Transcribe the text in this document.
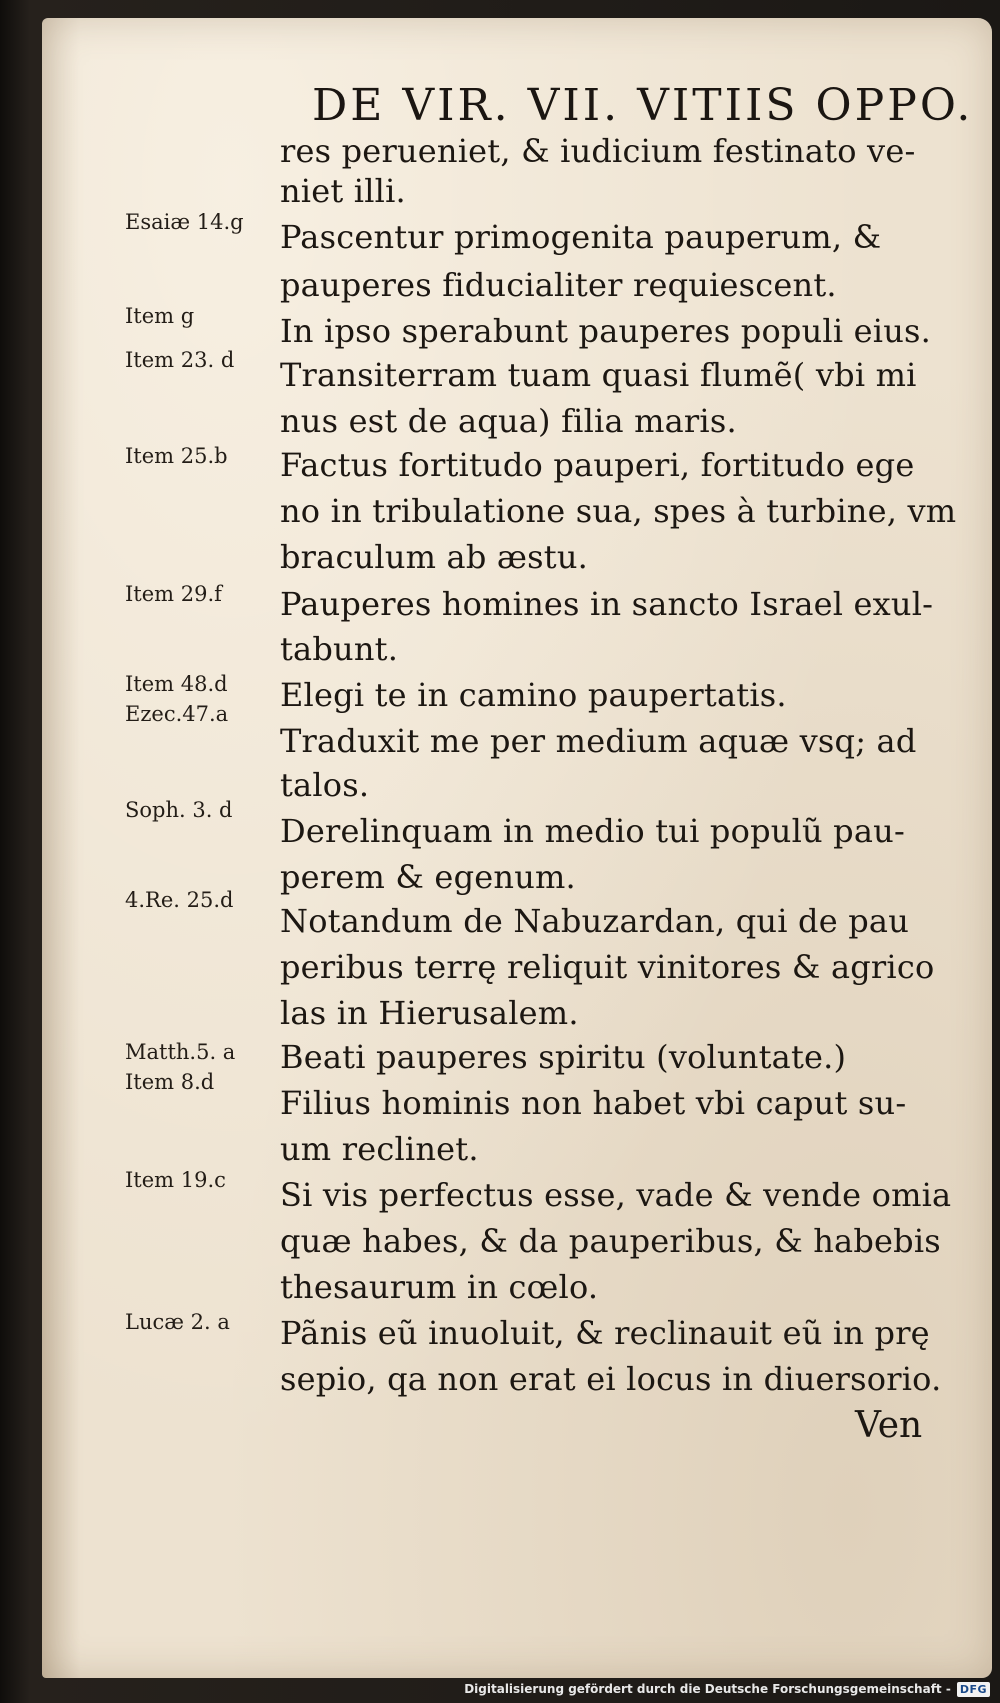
DE VIR. VII. VITIIS OPPO.
res perueniet, & iudicium festinato ve-
niet illi.
Pascentur primogenita pauperum, &
pauperes fiducialiter requiescent.
In ipso sperabunt pauperes populi eius.
Transiterram tuam quasi flumẽ( vbi mi
nus est de aqua) filia maris.
Factus fortitudo pauperi, fortitudo ege
no in tribulatione sua, spes à turbine, vm
braculum ab æstu.
Pauperes homines in sancto Israel exul-
tabunt.
Elegi te in camino paupertatis.
Traduxit me per medium aquæ vsq; ad
talos.
Derelinquam in medio tui populũ pau-
perem & egenum.
Notandum de Nabuzardan, qui de pau
peribus terrę reliquit vinitores & agrico
las in Hierusalem.
Beati pauperes spiritu (voluntate.)
Filius hominis non habet vbi caput su-
um reclinet.
Si vis perfectus esse, vade & vende omia
quæ habes, & da pauperibus, & habebis
thesaurum in cœlo.
Pãnis eũ inuoluit, & reclinauit eũ in prę
sepio, qa non erat ei locus in diuersorio.
Ven
Esaiæ 14.g
Item g
Item 23. d
Item 25.b
Item 29.f
Item 48.d
Ezec.47.a
Soph. 3. d
4.Re. 25.d
Matth.5. a
Item 8.d
Item 19.c
Lucæ 2. a
Digitalisierung gefördert durch die Deutsche Forschungsgemeinschaft - DFG
